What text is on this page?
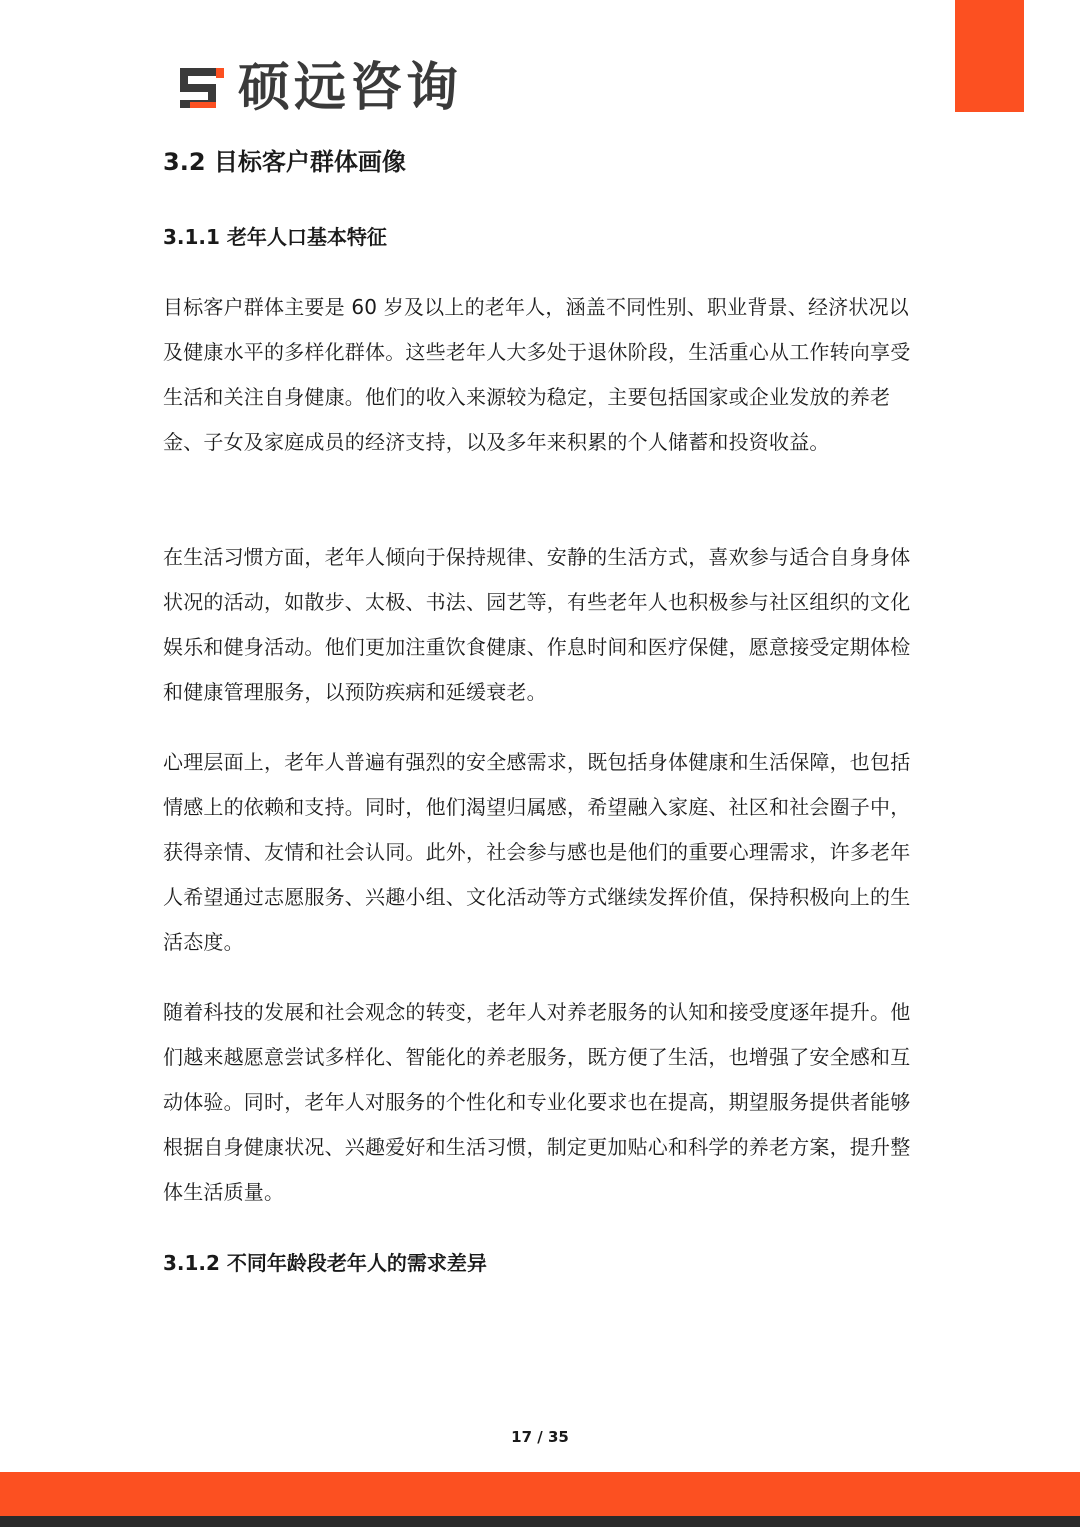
硕远咨询
3.2 目标客户群体画像
3.1.1 老年人口基本特征

目标客户群体主要是 60 岁及以上的老年人，涵盖不同性别、职业背景、经济状况以及健康水平的多样化群体。这些老年人大多处于退休阶段，生活重心从工作转向享受生活和关注自身健康。他们的收入来源较为稳定，主要包括国家或企业发放的养老金、子女及家庭成员的经济支持，以及多年来积累的个人储蓄和投资收益。

在生活习惯方面，老年人倾向于保持规律、安静的生活方式，喜欢参与适合自身身体状况的活动，如散步、太极、书法、园艺等，有些老年人也积极参与社区组织的文化娱乐和健身活动。他们更加注重饮食健康、作息时间和医疗保健，愿意接受定期体检和健康管理服务，以预防疾病和延缓衰老。

心理层面上，老年人普遍有强烈的安全感需求，既包括身体健康和生活保障，也包括情感上的依赖和支持。同时，他们渴望归属感，希望融入家庭、社区和社会圈子中，获得亲情、友情和社会认同。此外，社会参与感也是他们的重要心理需求，许多老年人希望通过志愿服务、兴趣小组、文化活动等方式继续发挥价值，保持积极向上的生活态度。

随着科技的发展和社会观念的转变，老年人对养老服务的认知和接受度逐年提升。他们越来越愿意尝试多样化、智能化的养老服务，既方便了生活，也增强了安全感和互动体验。同时，老年人对服务的个性化和专业化要求也在提高，期望服务提供者能够根据自身健康状况、兴趣爱好和生活习惯，制定更加贴心和科学的养老方案，提升整体生活质量。

3.1.2 不同年龄段老年人的需求差异
17 / 35
